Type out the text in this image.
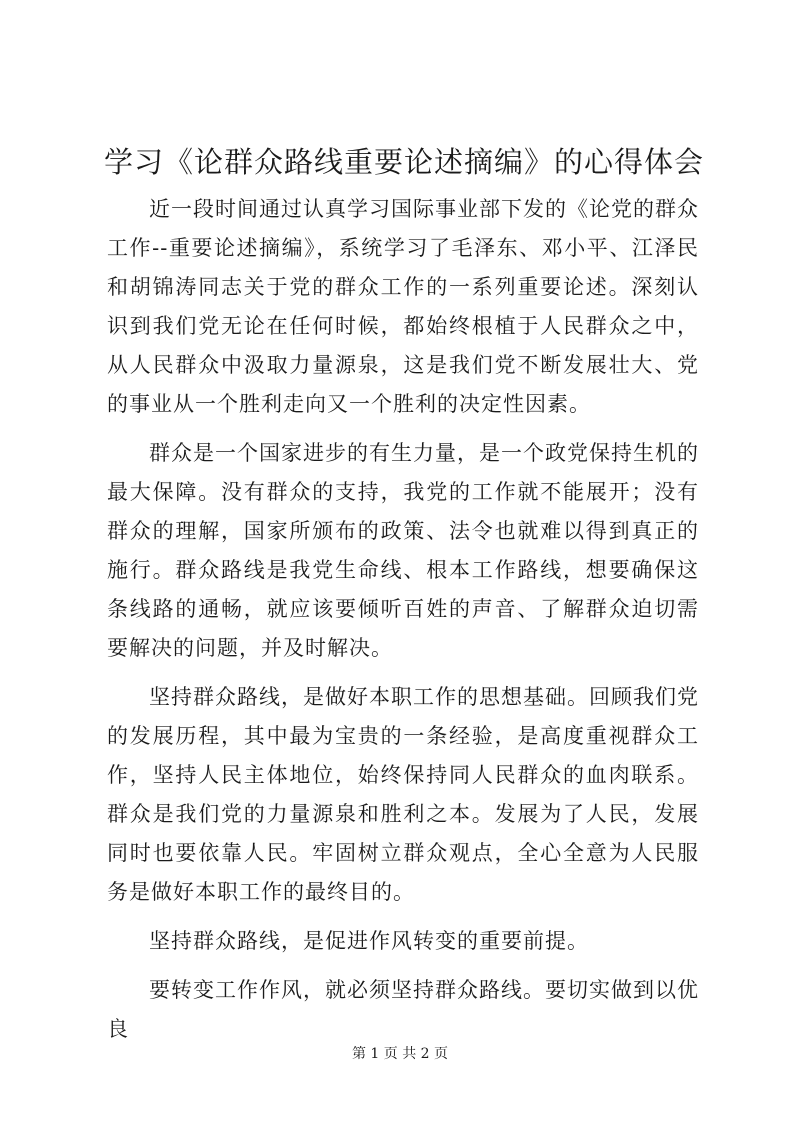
学习《论群众路线重要论述摘编》的心得体会

近一段时间通过认真学习国际事业部下发的《论党的群众工作--重要论述摘编》，系统学习了毛泽东、邓小平、江泽民和胡锦涛同志关于党的群众工作的一系列重要论述。深刻认识到我们党无论在任何时候，都始终根植于人民群众之中，从人民群众中汲取力量源泉，这是我们党不断发展壮大、党的事业从一个胜利走向又一个胜利的决定性因素。

群众是一个国家进步的有生力量，是一个政党保持生机的最大保障。没有群众的支持，我党的工作就不能展开；没有群众的理解，国家所颁布的政策、法令也就难以得到真正的施行。群众路线是我党生命线、根本工作路线，想要确保这条线路的通畅，就应该要倾听百姓的声音、了解群众迫切需要解决的问题，并及时解决。

坚持群众路线，是做好本职工作的思想基础。回顾我们党的发展历程，其中最为宝贵的一条经验，是高度重视群众工作，坚持人民主体地位，始终保持同人民群众的血肉联系。群众是我们党的力量源泉和胜利之本。发展为了人民，发展同时也要依靠人民。牢固树立群众观点，全心全意为人民服务是做好本职工作的最终目的。

坚持群众路线，是促进作风转变的重要前提。

要转变工作作风，就必须坚持群众路线。要切实做到以优良

第 1 页 共 2 页
